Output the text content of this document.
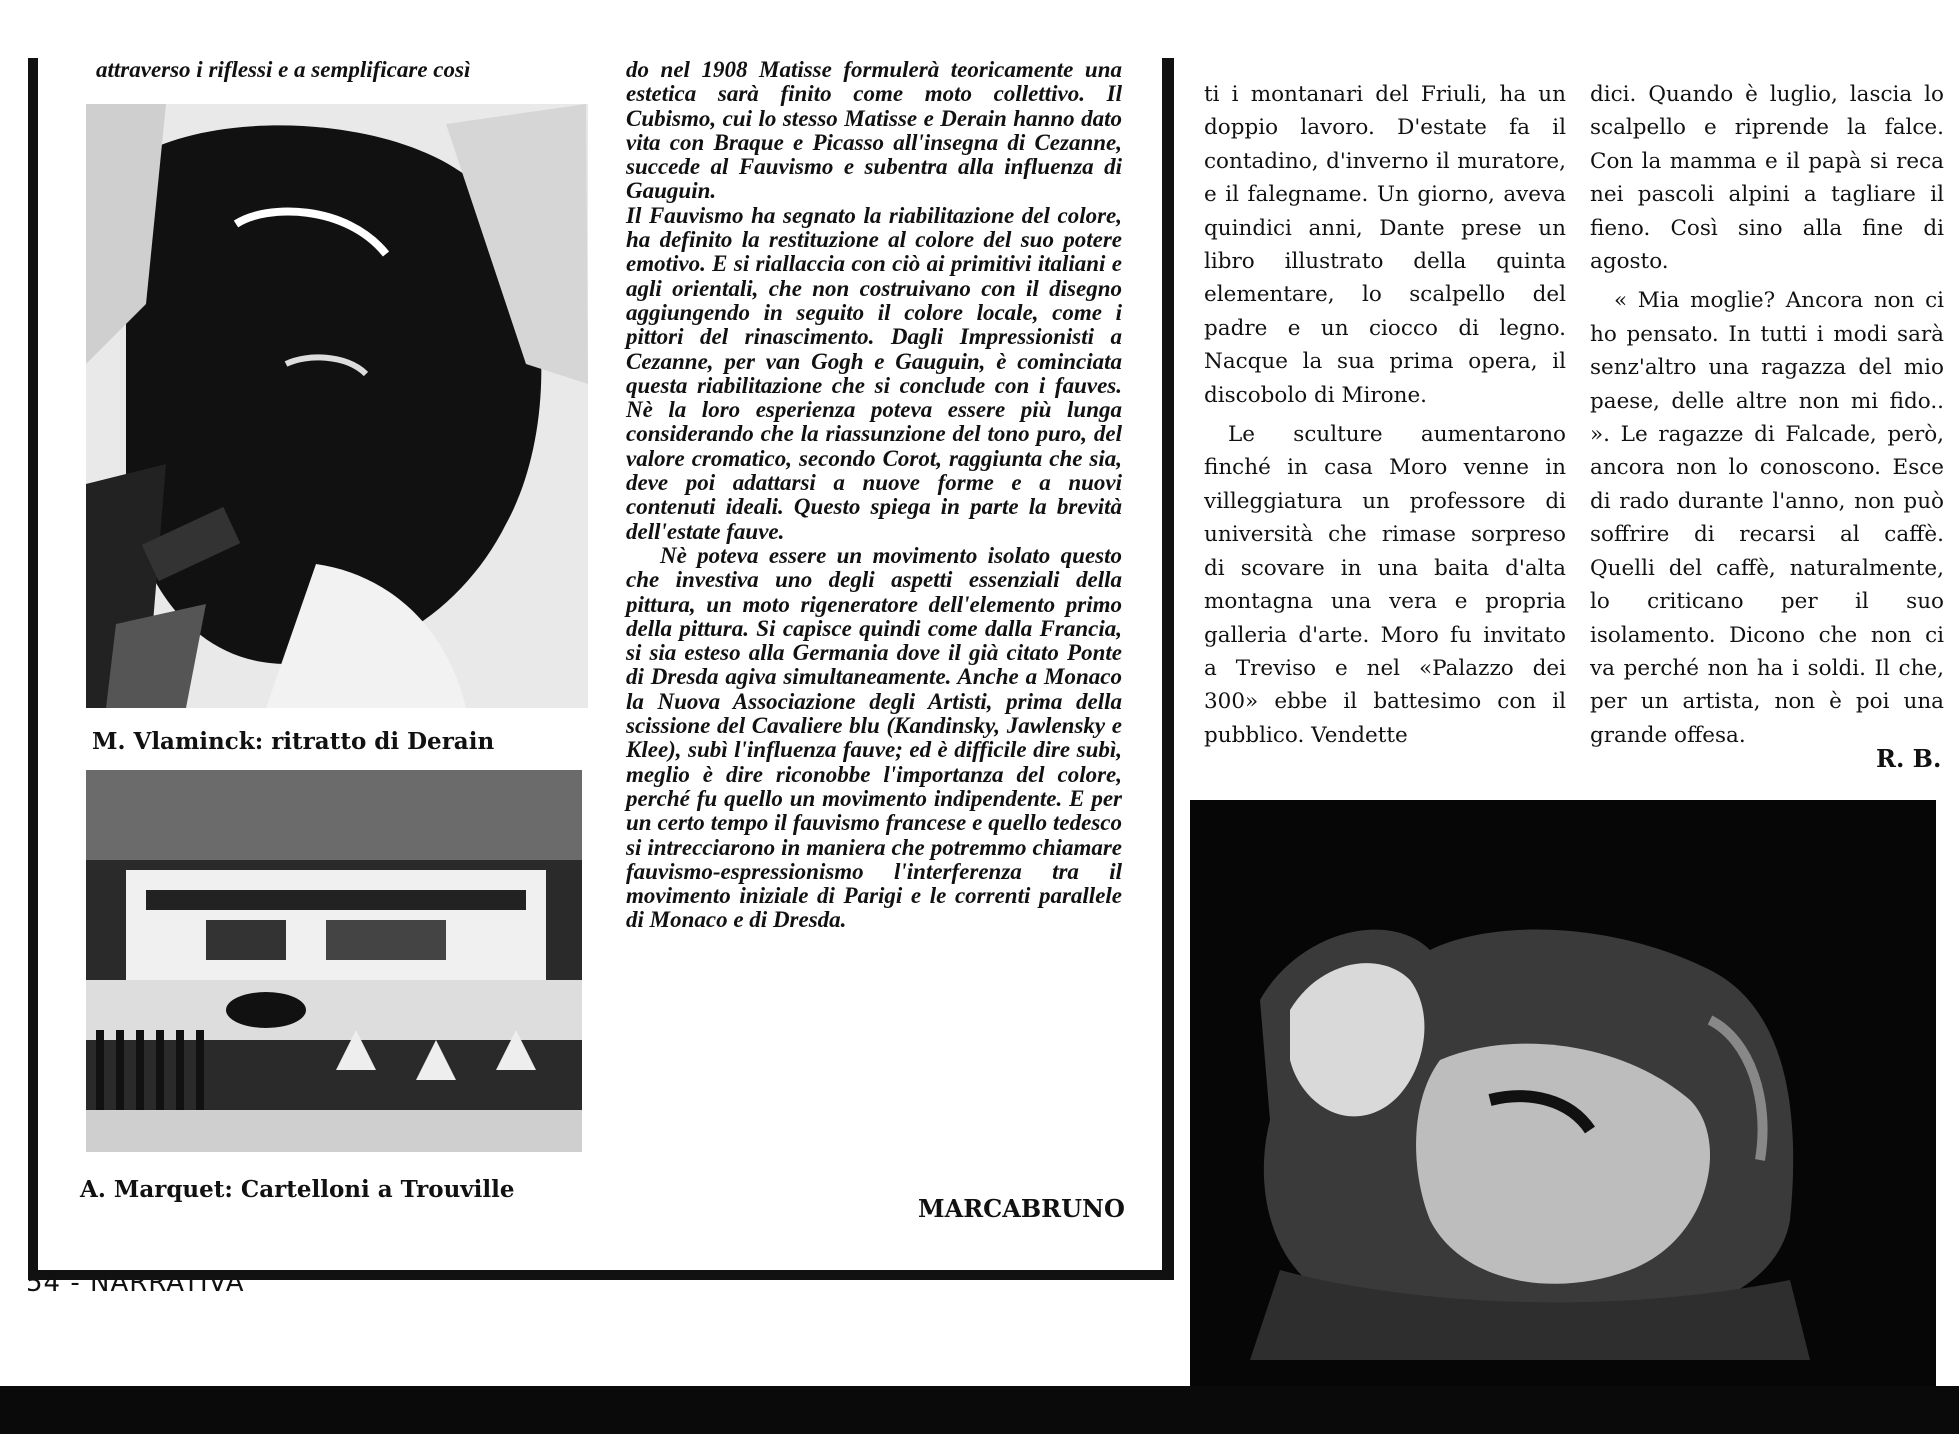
attraverso i riflessi e a semplificare così

M. Vlaminck: ritratto di Derain
A. Marquet: Cartelloni a Trouville

do nel 1908 Matisse formulerà teoricamente una estetica sarà finito come moto collettivo. Il Cubismo, cui lo stesso Matisse e Derain hanno dato vita con Braque e Picasso all'insegna di Cezanne, succede al Fauvismo e subentra alla influenza di Gauguin.

Il Fauvismo ha segnato la riabilitazione del colore, ha definito la restituzione al colore del suo potere emotivo. E si riallaccia con ciò ai primitivi italiani e agli orientali, che non costruivano con il disegno aggiungendo in seguito il colore locale, come i pittori del rinascimento. Dagli Impressionisti a Cezanne, per van Gogh e Gauguin, è cominciata questa riabilitazione che si conclude con i fauves. Nè la loro esperienza poteva essere più lunga considerando che la riassunzione del tono puro, del valore cromatico, secondo Corot, raggiunta che sia, deve poi adattarsi a nuove forme e a nuovi contenuti ideali. Questo spiega in parte la brevità dell'estate fauve.

Nè poteva essere un movimento isolato questo che investiva uno degli aspetti essenziali della pittura, un moto rigeneratore dell'elemento primo della pittura. Si capisce quindi come dalla Francia, si sia esteso alla Germania dove il già citato Ponte di Dresda agiva simultaneamente. Anche a Monaco la Nuova Associazione degli Artisti, prima della scissione del Cavaliere blu (Kandinsky, Jawlensky e Klee), subì l'influenza fauve; ed è difficile dire subì, meglio è dire riconobbe l'importanza del colore, perché fu quello un movimento indipendente. E per un certo tempo il fauvismo francese e quello tedesco si intrecciarono in maniera che potremmo chiamare fauvismo-espressionismo l'interferenza tra il movimento iniziale di Parigi e le correnti parallele di Monaco e di Dresda.

MARCABRUNO
54 - NARRATIVA

ti i montanari del Friuli, ha un doppio lavoro. D'estate fa il contadino, d'inverno il muratore, e il falegname. Un giorno, aveva quindici anni, Dante prese un libro illustrato della quinta elementare, lo scalpello del padre e un ciocco di legno. Nacque la sua prima opera, il discobolo di Mirone.

Le sculture aumentarono finché in casa Moro venne in villeggiatura un professore di università che rimase sorpreso di scovare in una baita d'alta montagna una vera e propria galleria d'arte. Moro fu invitato a Treviso e nel «Palazzo dei 300» ebbe il battesimo con il pubblico. Vendette

dici. Quando è luglio, lascia lo scalpello e riprende la falce. Con la mamma e il papà si reca nei pascoli alpini a tagliare il fieno. Così sino alla fine di agosto.

« Mia moglie? Ancora non ci ho pensato. In tutti i modi sarà senz'altro una ragazza del mio paese, delle altre non mi fido.. ». Le ragazze di Falcade, però, ancora non lo conoscono. Esce di rado durante l'anno, non può soffrire di recarsi al caffè. Quelli del caffè, naturalmente, lo criticano per il suo isolamento. Dicono che non ci va perché non ha i soldi. Il che, per un artista, non è poi una grande offesa.

R. B.
